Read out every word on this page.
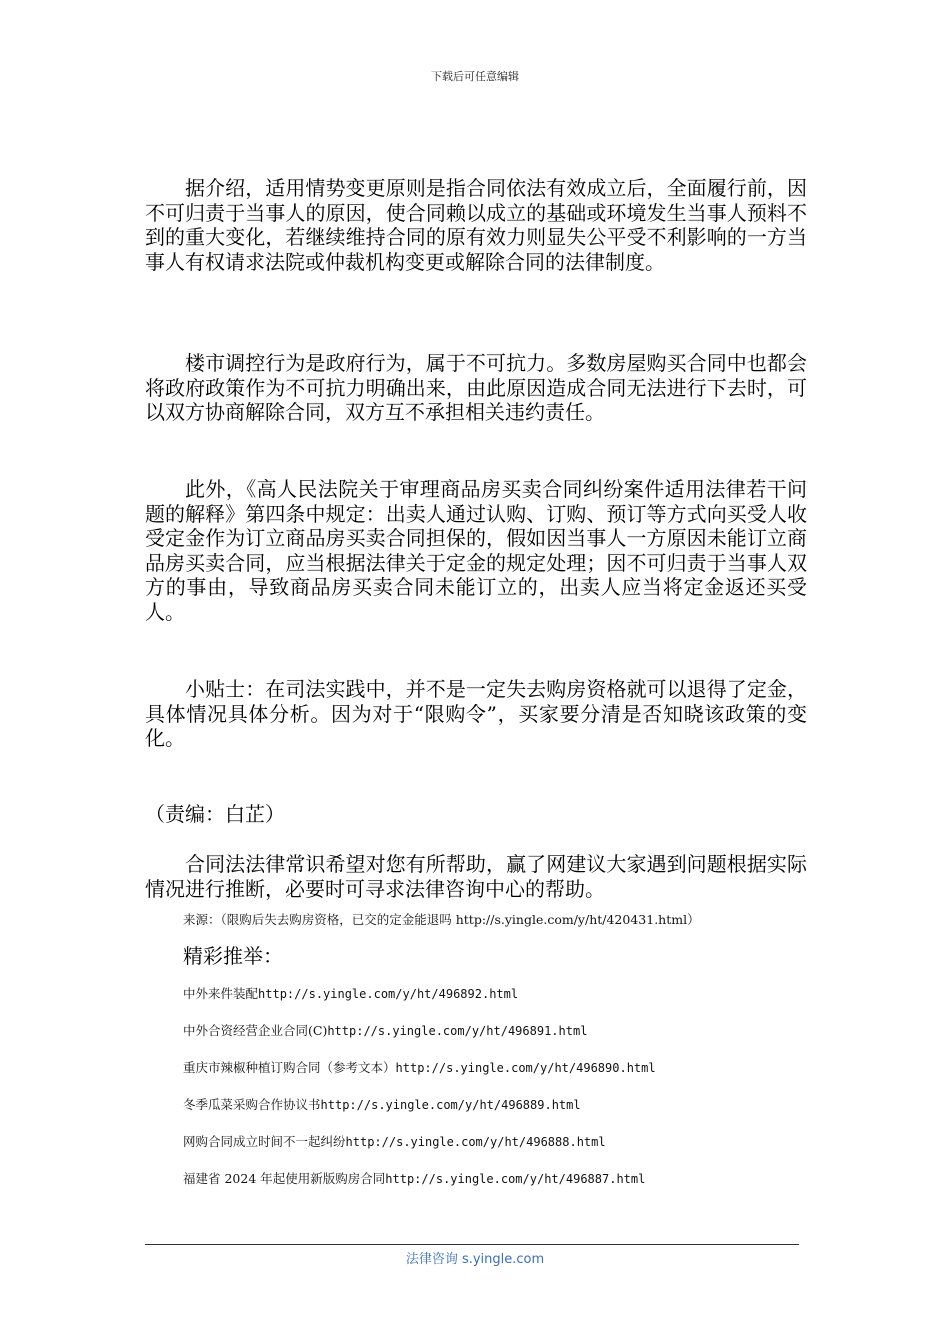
下载后可任意编辑

据介绍，适用情势变更原则是指合同依法有效成立后，全面履行前，因不可归责于当事人的原因，使合同赖以成立的基础或环境发生当事人预料不到的重大变化，若继续维持合同的原有效力则显失公平受不利影响的一方当事人有权请求法院或仲裁机构变更或解除合同的法律制度。

楼市调控行为是政府行为，属于不可抗力。多数房屋购买合同中也都会将政府政策作为不可抗力明确出来，由此原因造成合同无法进行下去时，可以双方协商解除合同，双方互不承担相关违约责任。

此外，《高人民法院关于审理商品房买卖合同纠纷案件适用法律若干问题的解释》第四条中规定：出卖人通过认购、订购、预订等方式向买受人收受定金作为订立商品房买卖合同担保的，假如因当事人一方原因未能订立商品房买卖合同，应当根据法律关于定金的规定处理；因不可归责于当事人双方的事由，导致商品房买卖合同未能订立的，出卖人应当将定金返还买受人。

小贴士：在司法实践中，并不是一定失去购房资格就可以退得了定金，具体情况具体分析。因为对于“限购令”，买家要分清是否知晓该政策的变化。

（责编：白芷）

合同法法律常识希望对您有所帮助，赢了网建议大家遇到问题根据实际情况进行推断，必要时可寻求法律咨询中心的帮助。

来源：（限购后失去购房资格，已交的定金能退吗 http://s.yingle.com/y/ht/420431.html）
精彩推举：
中外来件装配http://s.yingle.com/y/ht/496892.html
中外合资经营企业合同(C)http://s.yingle.com/y/ht/496891.html
重庆市辣椒种植订购合同（参考文本）http://s.yingle.com/y/ht/496890.html
冬季瓜菜采购合作协议书http://s.yingle.com/y/ht/496889.html
网购合同成立时间不一起纠纷http://s.yingle.com/y/ht/496888.html
福建省 2024 年起使用新版购房合同http://s.yingle.com/y/ht/496887.html
法律咨询 s.yingle.com
